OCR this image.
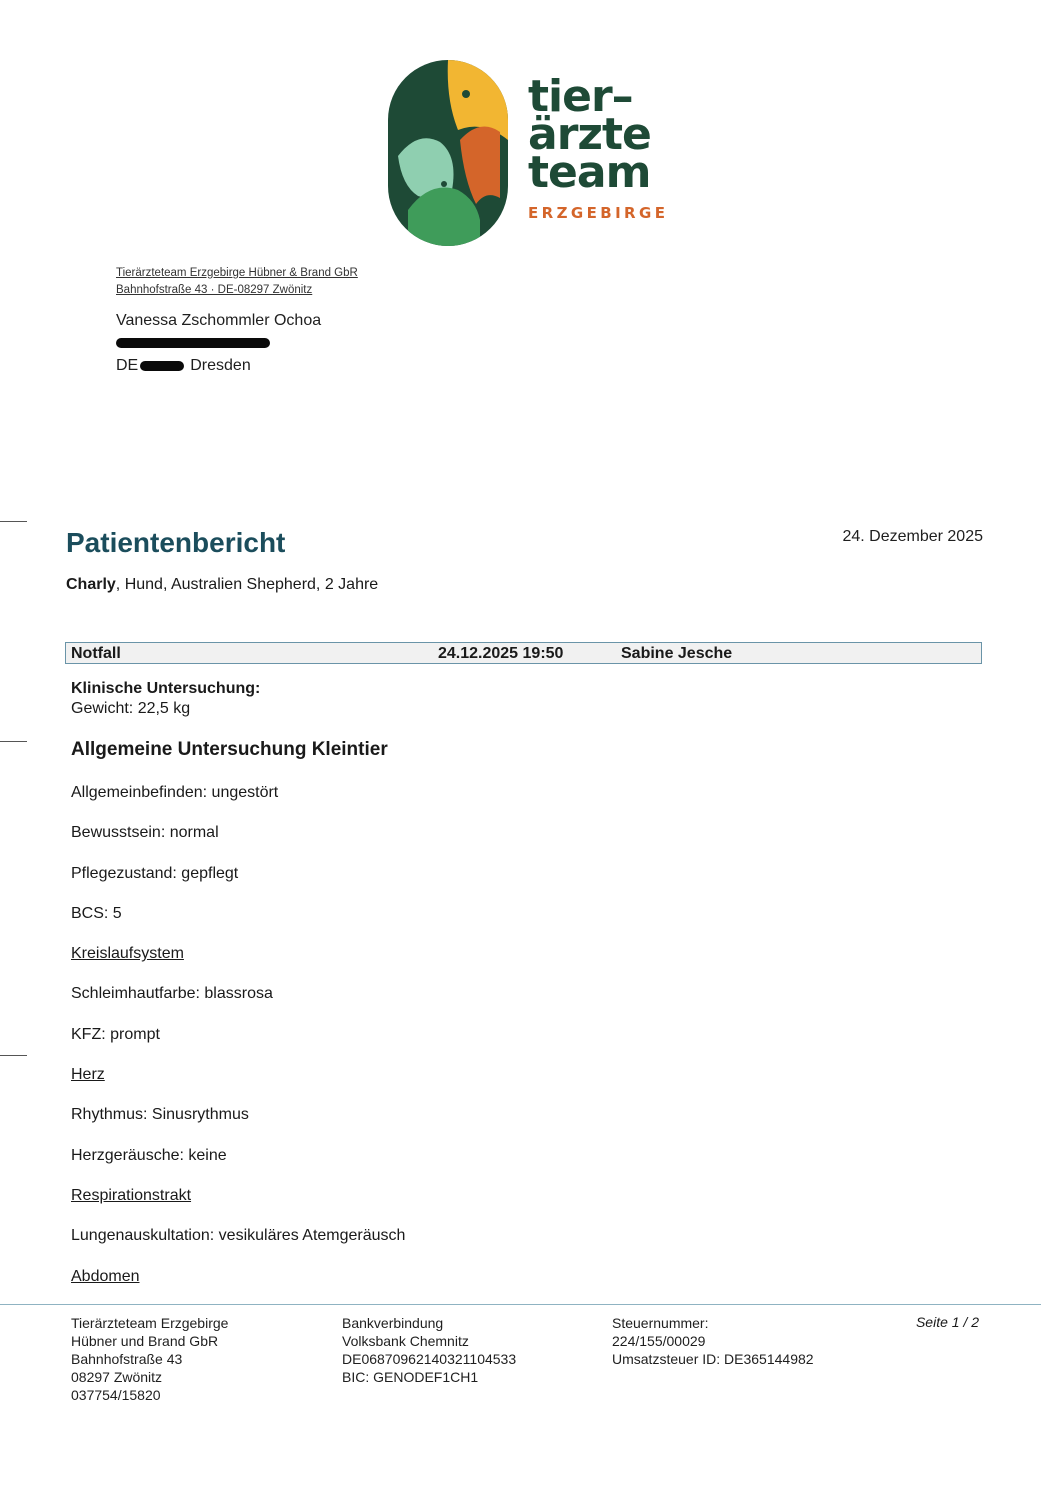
tier–
ärzte
team
ERZGEBIRGE
Tierärzteteam Erzgebirge Hübner & Brand GbR
Bahnhofstraße 43 · DE-08297 Zwönitz
Vanessa Zschommler Ochoa
DE	Dresden
Patientenbericht	24. Dezember 2025
Charly, Hund, Australien Shepherd, 2 Jahre
Notfall	24.12.2025 19:50	Sabine Jesche
Klinische Untersuchung:
Gewicht: 22,5 kg
Allgemeine Untersuchung Kleintier
Allgemeinbefinden: ungestört
Bewusstsein: normal
Pflegezustand: gepflegt
BCS: 5
Kreislaufsystem
Schleimhautfarbe: blassrosa
KFZ: prompt
Herz
Rhythmus: Sinusrythmus
Herzgeräusche: keine
Respirationstrakt
Lungenauskultation: vesikuläres Atemgeräusch
Abdomen
Tierärzteteam Erzgebirge
Hübner und Brand GbR
Bahnhofstraße 43
08297 Zwönitz
037754/15820
Bankverbindung
Volksbank Chemnitz
DE06870962140321104533
BIC: GENODEF1CH1
Steuernummer:
224/155/00029
Umsatzsteuer ID: DE365144982
Seite 1 / 2
